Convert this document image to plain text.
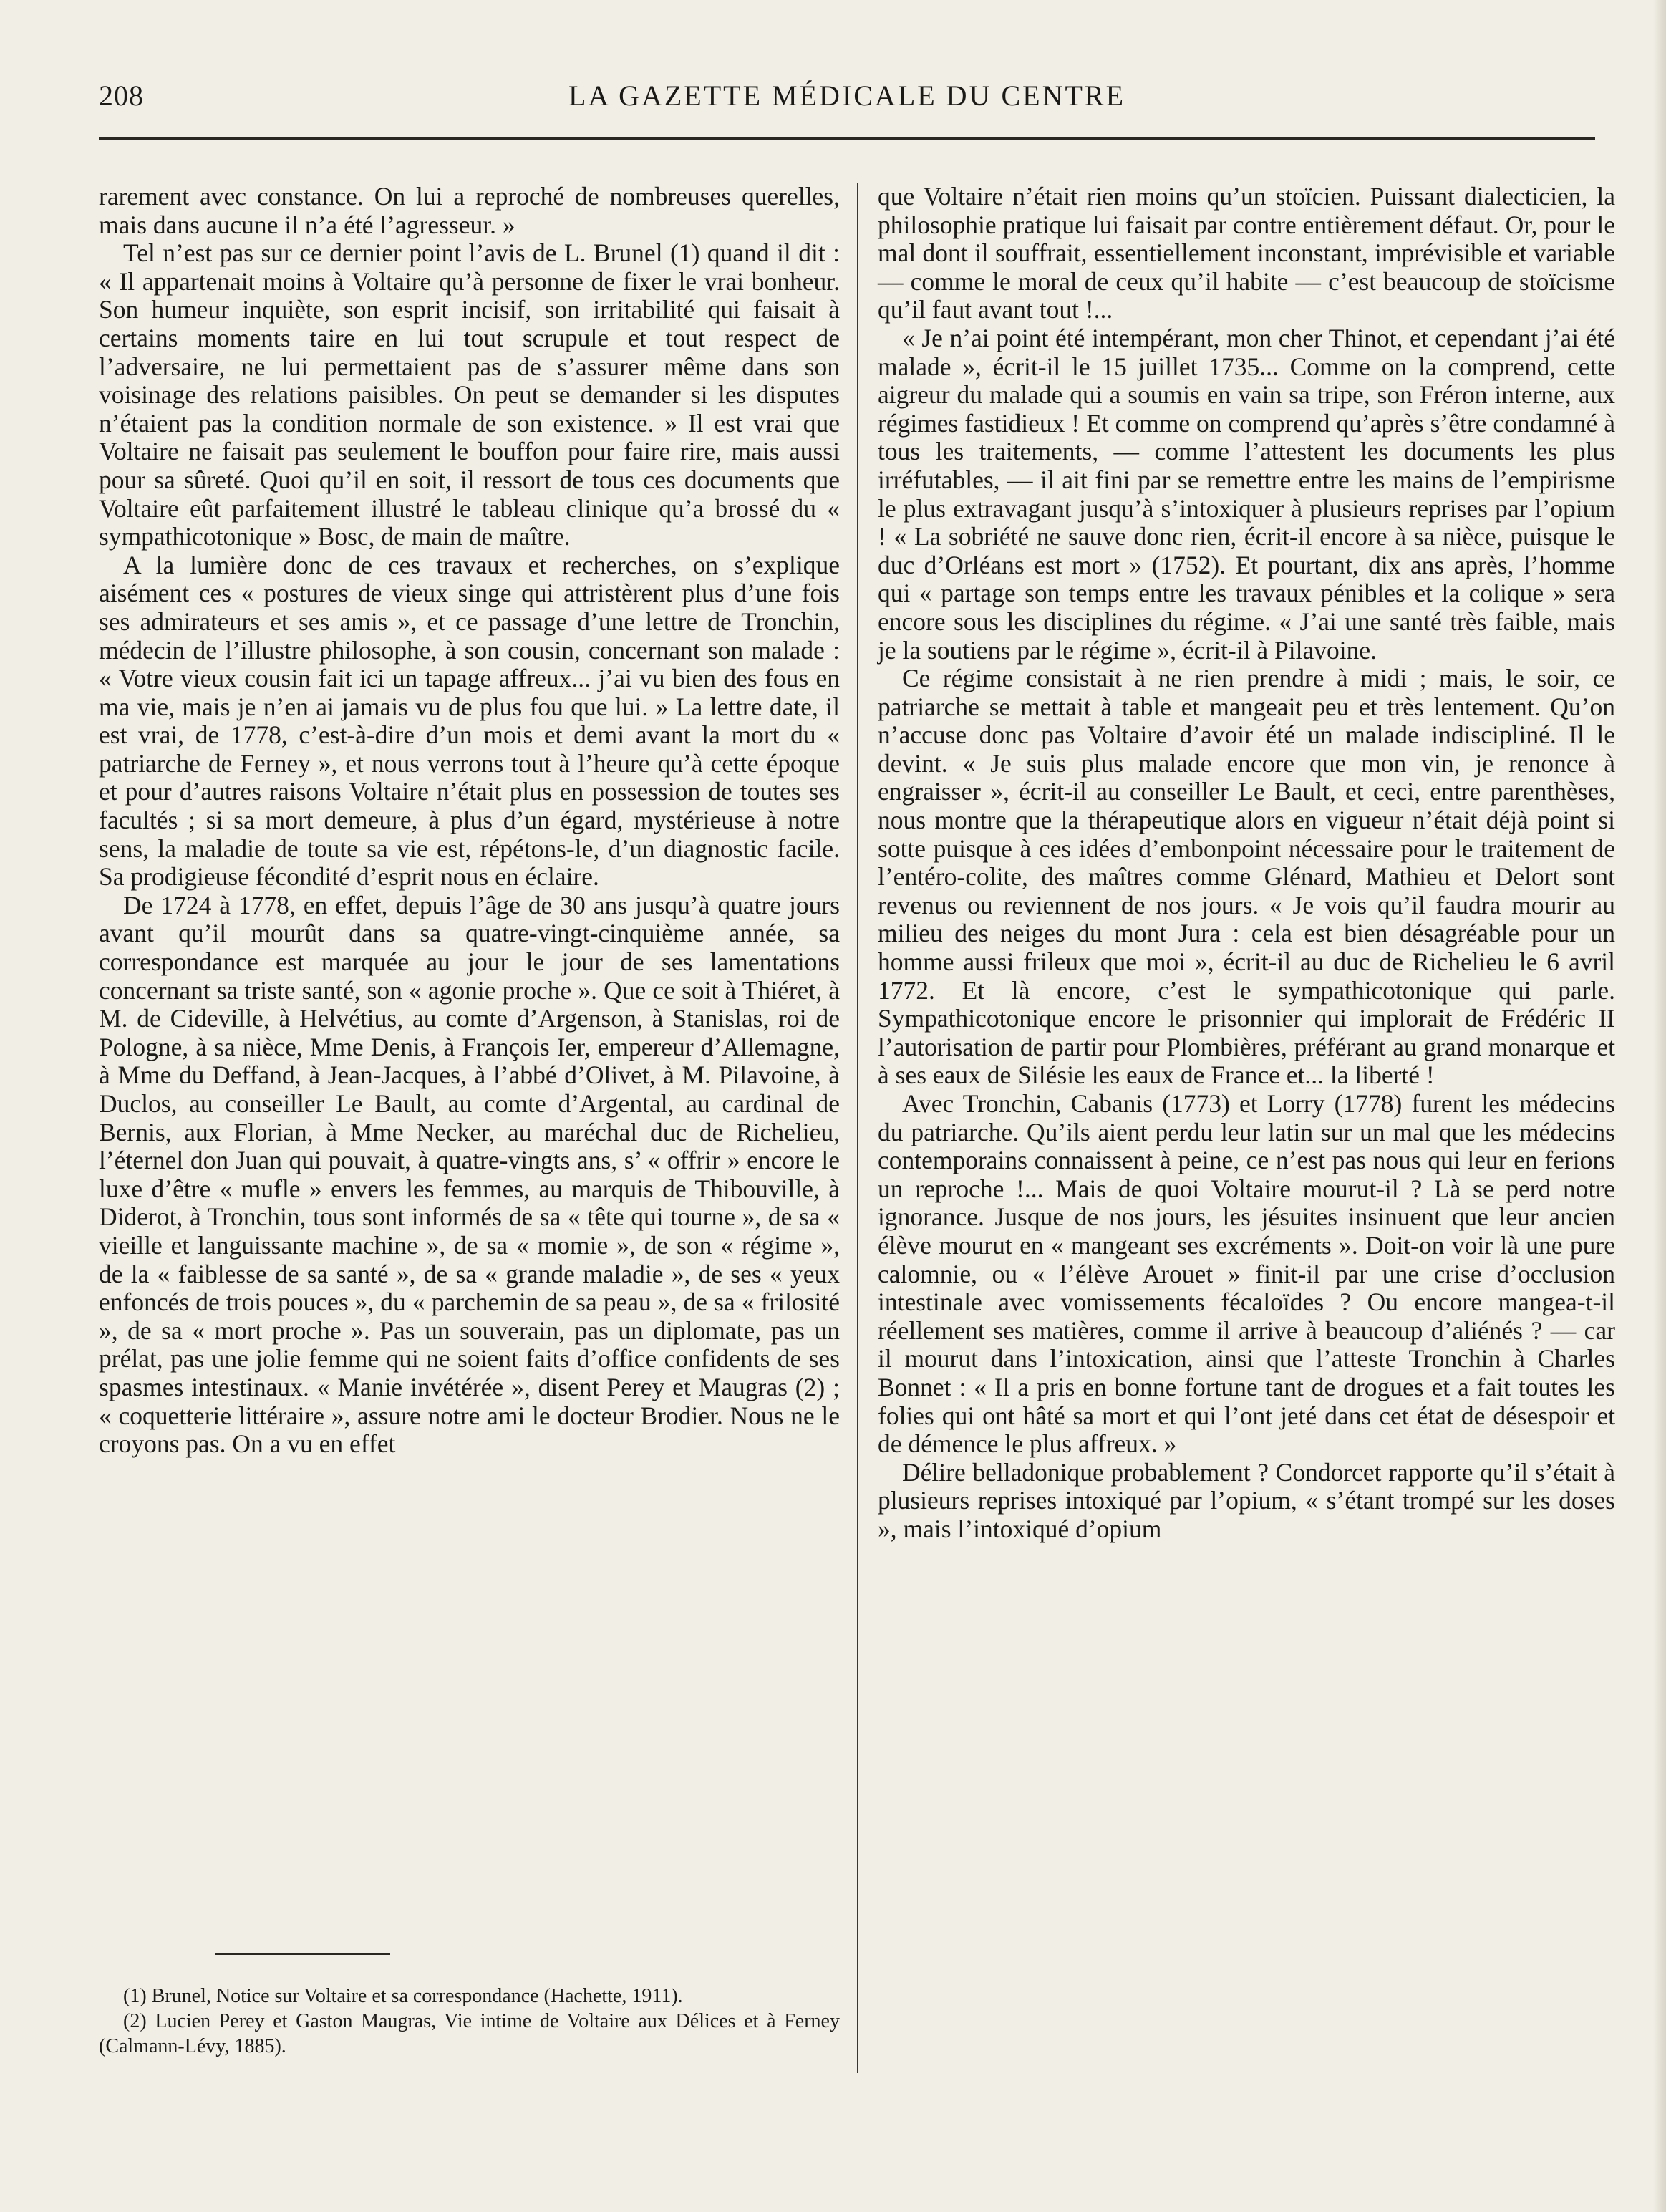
208	LA GAZETTE MÉDICALE DU CENTRE

rarement avec constance. On lui a reproché de nombreuses querelles, mais dans aucune il n’a été l’agresseur. »

Tel n’est pas sur ce dernier point l’avis de L. Brunel (1) quand il dit : « Il appartenait moins à Voltaire qu’à personne de fixer le vrai bonheur. Son humeur inquiète, son esprit incisif, son irritabilité qui faisait à certains moments taire en lui tout scrupule et tout respect de l’adversaire, ne lui permettaient pas de s’assurer même dans son voisinage des relations paisibles. On peut se demander si les disputes n’étaient pas la condition normale de son existence. » Il est vrai que Voltaire ne faisait pas seulement le bouffon pour faire rire, mais aussi pour sa sûreté. Quoi qu’il en soit, il ressort de tous ces documents que Voltaire eût parfaitement illustré le tableau clinique qu’a brossé du « sympathicotonique » Bosc, de main de maître.

A la lumière donc de ces travaux et recherches, on s’explique aisément ces « postures de vieux singe qui attristèrent plus d’une fois ses admirateurs et ses amis », et ce passage d’une lettre de Tronchin, médecin de l’illustre philosophe, à son cousin, concernant son malade : « Votre vieux cousin fait ici un tapage affreux... j’ai vu bien des fous en ma vie, mais je n’en ai jamais vu de plus fou que lui. » La lettre date, il est vrai, de 1778, c’est-à-dire d’un mois et demi avant la mort du « patriarche de Ferney », et nous verrons tout à l’heure qu’à cette époque et pour d’autres raisons Voltaire n’était plus en possession de toutes ses facultés ; si sa mort demeure, à plus d’un égard, mystérieuse à notre sens, la maladie de toute sa vie est, répétons-le, d’un diagnostic facile. Sa prodigieuse fécondité d’esprit nous en éclaire.

De 1724 à 1778, en effet, depuis l’âge de 30 ans jusqu’à quatre jours avant qu’il mourût dans sa quatre-vingt-cinquième année, sa correspondance est marquée au jour le jour de ses lamentations concernant sa triste santé, son « agonie proche ». Que ce soit à Thiéret, à M. de Cideville, à Helvétius, au comte d’Argenson, à Stanislas, roi de Pologne, à sa nièce, Mme Denis, à François Ier, empereur d’Allemagne, à Mme du Deffand, à Jean-Jacques, à l’abbé d’Olivet, à M. Pilavoine, à Duclos, au conseiller Le Bault, au comte d’Argental, au cardinal de Bernis, aux Florian, à Mme Necker, au maréchal duc de Richelieu, l’éternel don Juan qui pouvait, à quatre-vingts ans, s’ « offrir » encore le luxe d’être « mufle » envers les femmes, au marquis de Thibouville, à Diderot, à Tronchin, tous sont informés de sa « tête qui tourne », de sa « vieille et languissante machine », de sa « momie », de son « régime », de la « faiblesse de sa santé », de sa « grande maladie », de ses « yeux enfoncés de trois pouces », du « parchemin de sa peau », de sa « frilosité », de sa « mort proche ». Pas un souverain, pas un diplomate, pas un prélat, pas une jolie femme qui ne soient faits d’office confidents de ses spasmes intestinaux. « Manie invétérée », disent Perey et Maugras (2) ; « coquetterie littéraire », assure notre ami le docteur Brodier. Nous ne le croyons pas. On a vu en effet

que Voltaire n’était rien moins qu’un stoïcien. Puissant dialecticien, la philosophie pratique lui faisait par contre entièrement défaut. Or, pour le mal dont il souffrait, essentiellement inconstant, imprévisible et variable — comme le moral de ceux qu’il habite — c’est beaucoup de stoïcisme qu’il faut avant tout !...

« Je n’ai point été intempérant, mon cher Thinot, et cependant j’ai été malade », écrit-il le 15 juillet 1735... Comme on la comprend, cette aigreur du malade qui a soumis en vain sa tripe, son Fréron interne, aux régimes fastidieux ! Et comme on comprend qu’après s’être condamné à tous les traitements, — comme l’attestent les documents les plus irréfutables, — il ait fini par se remettre entre les mains de l’empirisme le plus extravagant jusqu’à s’intoxiquer à plusieurs reprises par l’opium ! « La sobriété ne sauve donc rien, écrit-il encore à sa nièce, puisque le duc d’Orléans est mort » (1752). Et pourtant, dix ans après, l’homme qui « partage son temps entre les travaux pénibles et la colique » sera encore sous les disciplines du régime. « J’ai une santé très faible, mais je la soutiens par le régime », écrit-il à Pilavoine.

Ce régime consistait à ne rien prendre à midi ; mais, le soir, ce patriarche se mettait à table et mangeait peu et très lentement. Qu’on n’accuse donc pas Voltaire d’avoir été un malade indiscipliné. Il le devint. « Je suis plus malade encore que mon vin, je renonce à engraisser », écrit-il au conseiller Le Bault, et ceci, entre parenthèses, nous montre que la thérapeutique alors en vigueur n’était déjà point si sotte puisque à ces idées d’embonpoint nécessaire pour le traitement de l’entéro-colite, des maîtres comme Glénard, Mathieu et Delort sont revenus ou reviennent de nos jours. « Je vois qu’il faudra mourir au milieu des neiges du mont Jura : cela est bien désagréable pour un homme aussi frileux que moi », écrit-il au duc de Richelieu le 6 avril 1772. Et là encore, c’est le sympathicotonique qui parle. Sympathicotonique encore le prisonnier qui implorait de Frédéric II l’autorisation de partir pour Plombières, préférant au grand monarque et à ses eaux de Silésie les eaux de France et... la liberté !

Avec Tronchin, Cabanis (1773) et Lorry (1778) furent les médecins du patriarche. Qu’ils aient perdu leur latin sur un mal que les médecins contemporains connaissent à peine, ce n’est pas nous qui leur en ferions un reproche !... Mais de quoi Voltaire mourut-il ? Là se perd notre ignorance. Jusque de nos jours, les jésuites insinuent que leur ancien élève mourut en « mangeant ses excréments ». Doit-on voir là une pure calomnie, ou « l’élève Arouet » finit-il par une crise d’occlusion intestinale avec vomissements fécaloïdes ? Ou encore mangea-t-il réellement ses matières, comme il arrive à beaucoup d’aliénés ? — car il mourut dans l’intoxication, ainsi que l’atteste Tronchin à Charles Bonnet : « Il a pris en bonne fortune tant de drogues et a fait toutes les folies qui ont hâté sa mort et qui l’ont jeté dans cet état de désespoir et de démence le plus affreux. »

Délire belladonique probablement ? Condorcet rapporte qu’il s’était à plusieurs reprises intoxiqué par l’opium, « s’étant trompé sur les doses », mais l’intoxiqué d’opium

(1) Brunel, Notice sur Voltaire et sa correspondance (Hachette, 1911).

(2) Lucien Perey et Gaston Maugras, Vie intime de Voltaire aux Délices et à Ferney (Calmann-Lévy, 1885).
